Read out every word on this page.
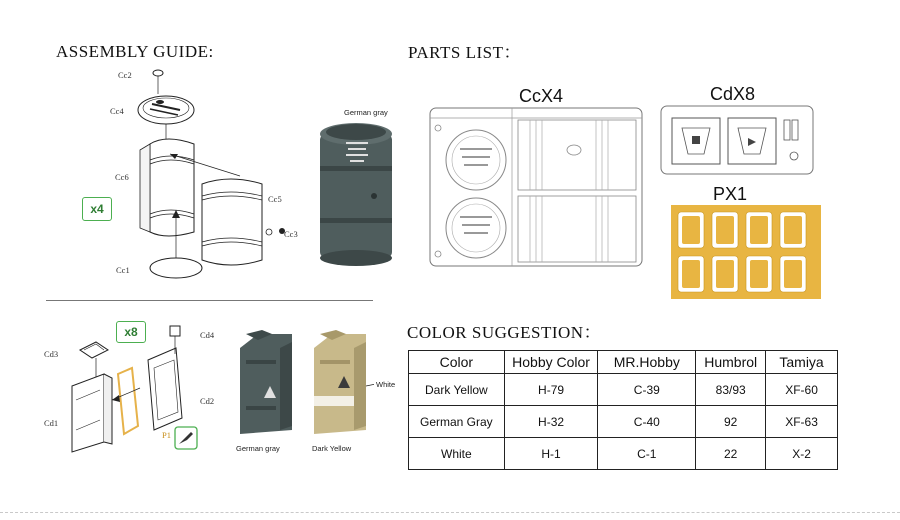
ASSEMBLY GUIDE:
Cc2
Cc4
Cc6
Cc5
Cc3
Cc1
x4
German gray
Cd3
Cd1
Cd4
Cd2
P1
x8
German gray
White
Dark Yellow
PARTS LIST：
CcX4	CdX8
PX1
COLOR SUGGESTION：
Color	Hobby Color	MR.Hobby	Humbrol	Tamiya
Dark Yellow	H-79	C-39	83/93	XF-60
German Gray	H-32	C-40	92	XF-63
White	H-1	C-1	22	X-2
